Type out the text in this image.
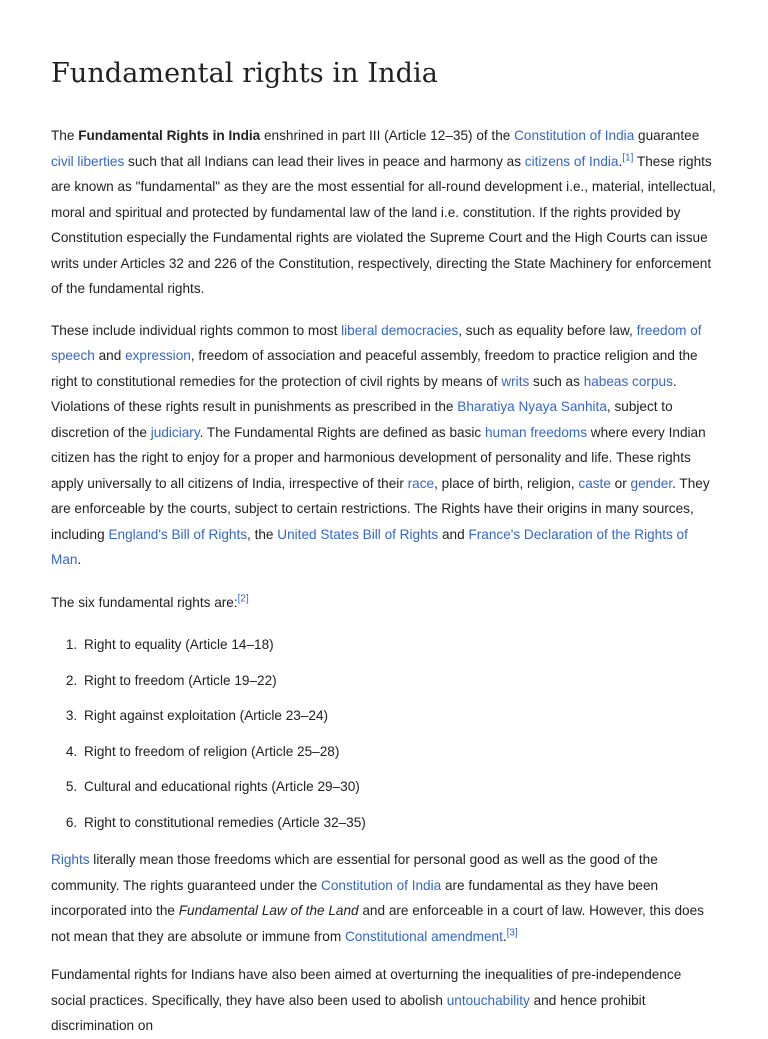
Fundamental rights in India

The Fundamental Rights in India enshrined in part III (Article 12–35) of the Constitution of India guarantee civil liberties such that all Indians can lead their lives in peace and harmony as citizens of India.[1] These rights are known as "fundamental" as they are the most essential for all-round development i.e., material, intellectual, moral and spiritual and protected by fundamental law of the land i.e. constitution. If the rights provided by Constitution especially the Fundamental rights are violated the Supreme Court and the High Courts can issue writs under Articles 32 and 226 of the Constitution, respectively, directing the State Machinery for enforcement of the fundamental rights.

These include individual rights common to most liberal democracies, such as equality before law, freedom of speech and expression, freedom of association and peaceful assembly, freedom to practice religion and the right to constitutional remedies for the protection of civil rights by means of writs such as habeas corpus. Violations of these rights result in punishments as prescribed in the Bharatiya Nyaya Sanhita, subject to discretion of the judiciary. The Fundamental Rights are defined as basic human freedoms where every Indian citizen has the right to enjoy for a proper and harmonious development of personality and life. These rights apply universally to all citizens of India, irrespective of their race, place of birth, religion, caste or gender. They are enforceable by the courts, subject to certain restrictions. The Rights have their origins in many sources, including England's Bill of Rights, the United States Bill of Rights and France's Declaration of the Rights of Man.

The six fundamental rights are:[2]

1. Right to equality (Article 14–18)
2. Right to freedom (Article 19–22)
3. Right against exploitation (Article 23–24)
4. Right to freedom of religion (Article 25–28)
5. Cultural and educational rights (Article 29–30)
6. Right to constitutional remedies (Article 32–35)

Rights literally mean those freedoms which are essential for personal good as well as the good of the community. The rights guaranteed under the Constitution of India are fundamental as they have been incorporated into the Fundamental Law of the Land and are enforceable in a court of law. However, this does not mean that they are absolute or immune from Constitutional amendment.[3]

Fundamental rights for Indians have also been aimed at overturning the inequalities of pre-independence social practices. Specifically, they have also been used to abolish untouchability and hence prohibit discrimination on
